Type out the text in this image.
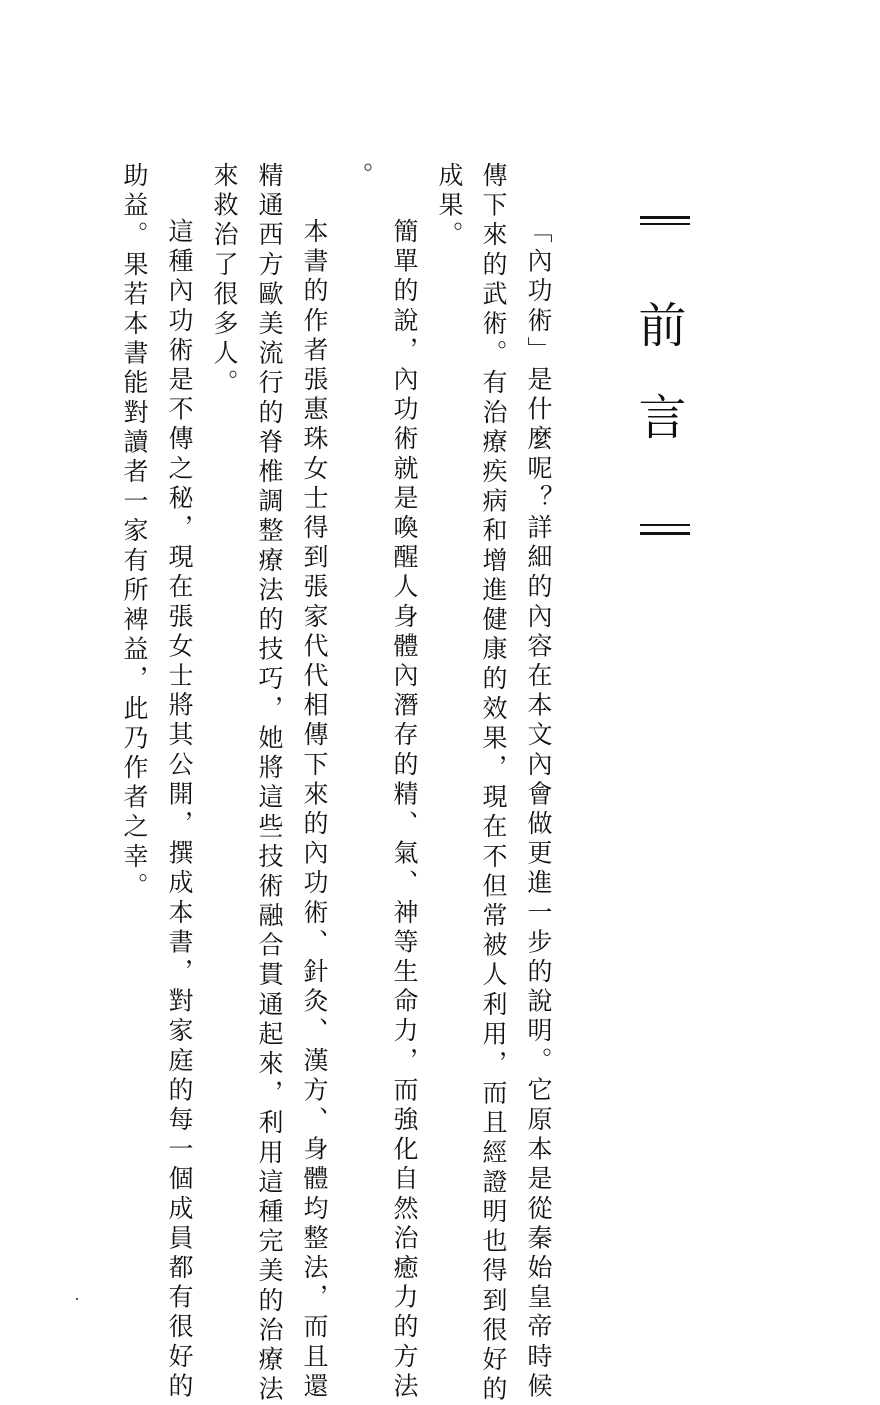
前言
「內功術」是什麼呢？詳細的內容在本文內會做更進一步的說明。它原本是從秦始皇帝時候
傳下來的武術。有治療疾病和增進健康的效果，現在不但常被人利用，而且經證明也得到很好的
成果。
簡單的說，內功術就是喚醒人身體內潛存的精、氣、神等生命力，而強化自然治癒力的方法
。
本書的作者張惠珠女士得到張家代代相傳下來的內功術、針灸、漢方、身體均整法，而且還
精通西方歐美流行的脊椎調整療法的技巧，她將這些技術融合貫通起來，利用這種完美的治療法
來救治了很多人。
這種內功術是不傳之秘，現在張女士將其公開，撰成本書，對家庭的每一個成員都有很好的
助益。果若本書能對讀者一家有所裨益，此乃作者之幸。
